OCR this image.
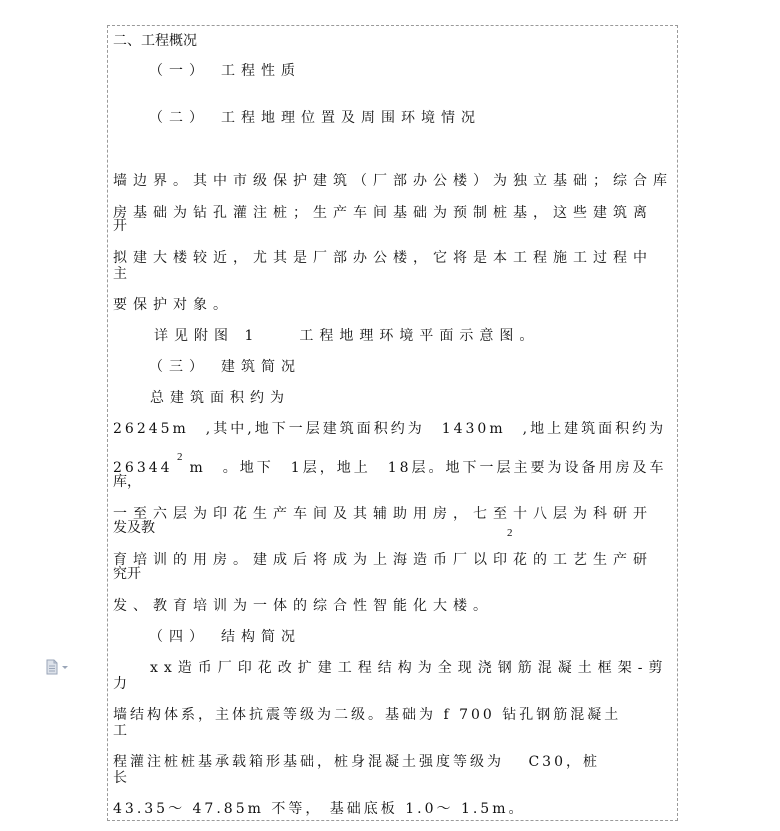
二、工程概况
（一） 工程性质
（二） 工程地理位置及周围环境情况
墙边界。其中市级保护建筑（厂部办公楼）为独立基础；综合库
房基础为钻孔灌注桩；生产车间基础为预制桩基，这些建筑离
开
拟建大楼较近，尤其是厂部办公楼，它将是本工程施工过程中
主
要保护对象。
详见附图 1　　工程地理环境平面示意图。
（三） 建筑简况
总建筑面积约为
26245m　,其中,地下一层建筑面积约为　1430m　,地上建筑面积约为
2
26344　m　。地下　1层，地上　18层。地下一层主要为设备用房及车
库，
一至六层为印花生产车间及其辅助用房，七至十八层为科研开
发及教	2
育培训的用房。建成后将成为上海造币厂以印花的工艺生产研
究开
发、教育培训为一体的综合性智能化大楼。
（四） 结构简况
xx造币厂印花改扩建工程结构为全现浇钢筋混凝土框架-剪
力
墙结构体系，主体抗震等级为二级。基础为 f 700 钻孔钢筋混凝土
工
程灌注桩桩基承载箱形基础，桩身混凝土强度等级为　 C30，桩
长
43.35～ 47.85m 不等， 基础底板 1.0～ 1.5m。
